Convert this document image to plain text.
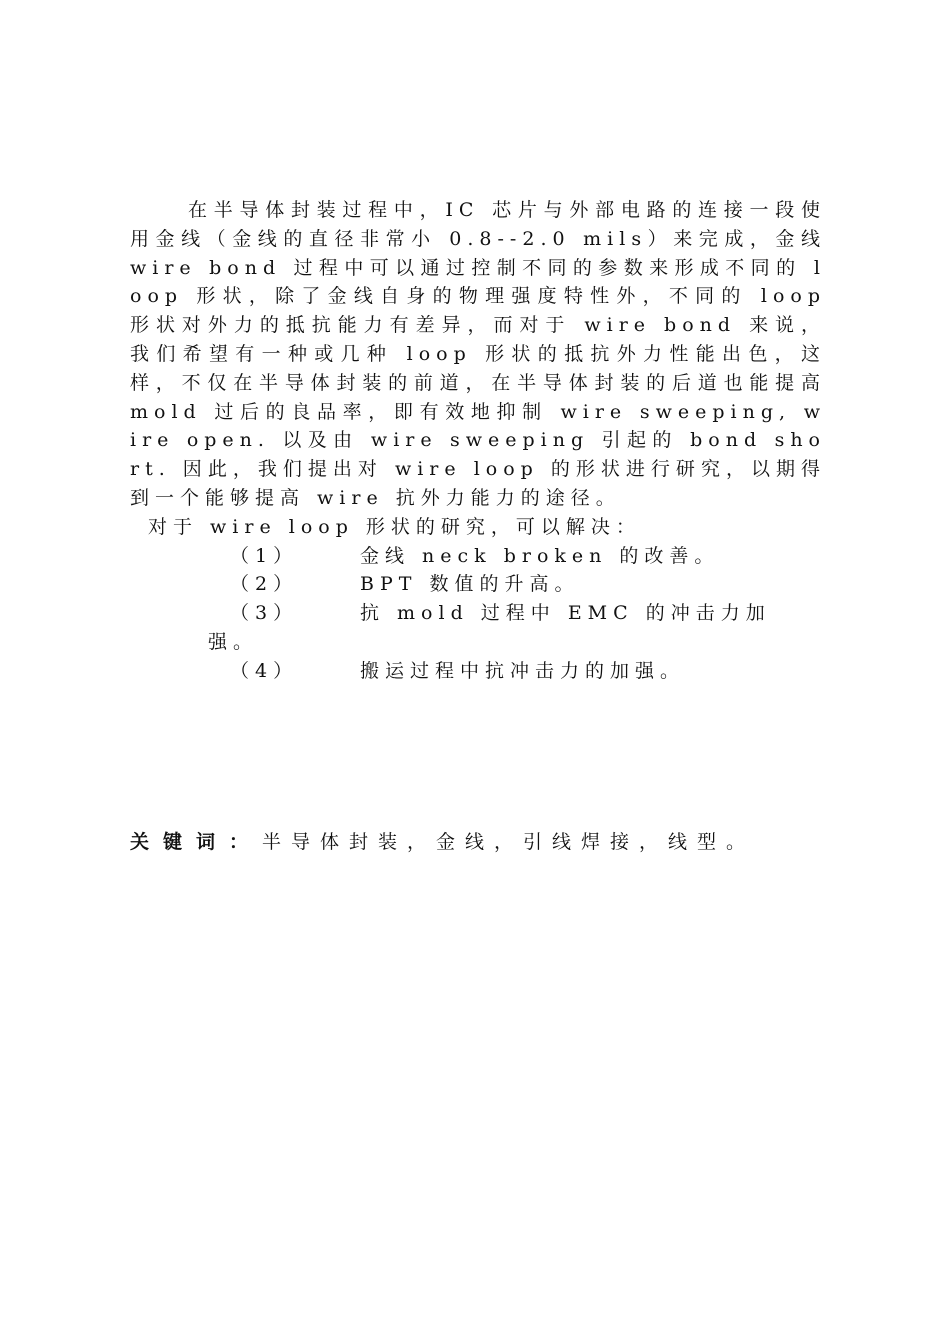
在半导体封装过程中，IC 芯片与外部电路的连接一段使用金线（金线的直径非常小 0.8--2.0 mils）来完成，金线 wire bond 过程中可以通过控制不同的参数来形成不同的 loop 形状，除了金线自身的物理强度特性外，不同的 loop 形状对外力的抵抗能力有差异，而对于 wire bond 来说，我们希望有一种或几种 loop 形状的抵抗外力性能出色，这样，不仅在半导体封装的前道，在半导体封装的后道也能提高 mold 过后的良品率，即有效地抑制 wire sweeping, wire open. 以及由 wire sweeping 引起的 bond short. 因此，我们提出对 wire loop 的形状进行研究，以期得到一个能够提高 wire 抗外力能力的途径。

对于 wire loop 形状的研究，可以解决：

（1）	金线 neck broken 的改善。
（2）	BPT 数值的升高。
（3）	抗 mold 过程中 EMC 的冲击力加
强。
（4）	搬运过程中抗冲击力的加强。
关键词：半导体封装，金线，引线焊接，线型。
